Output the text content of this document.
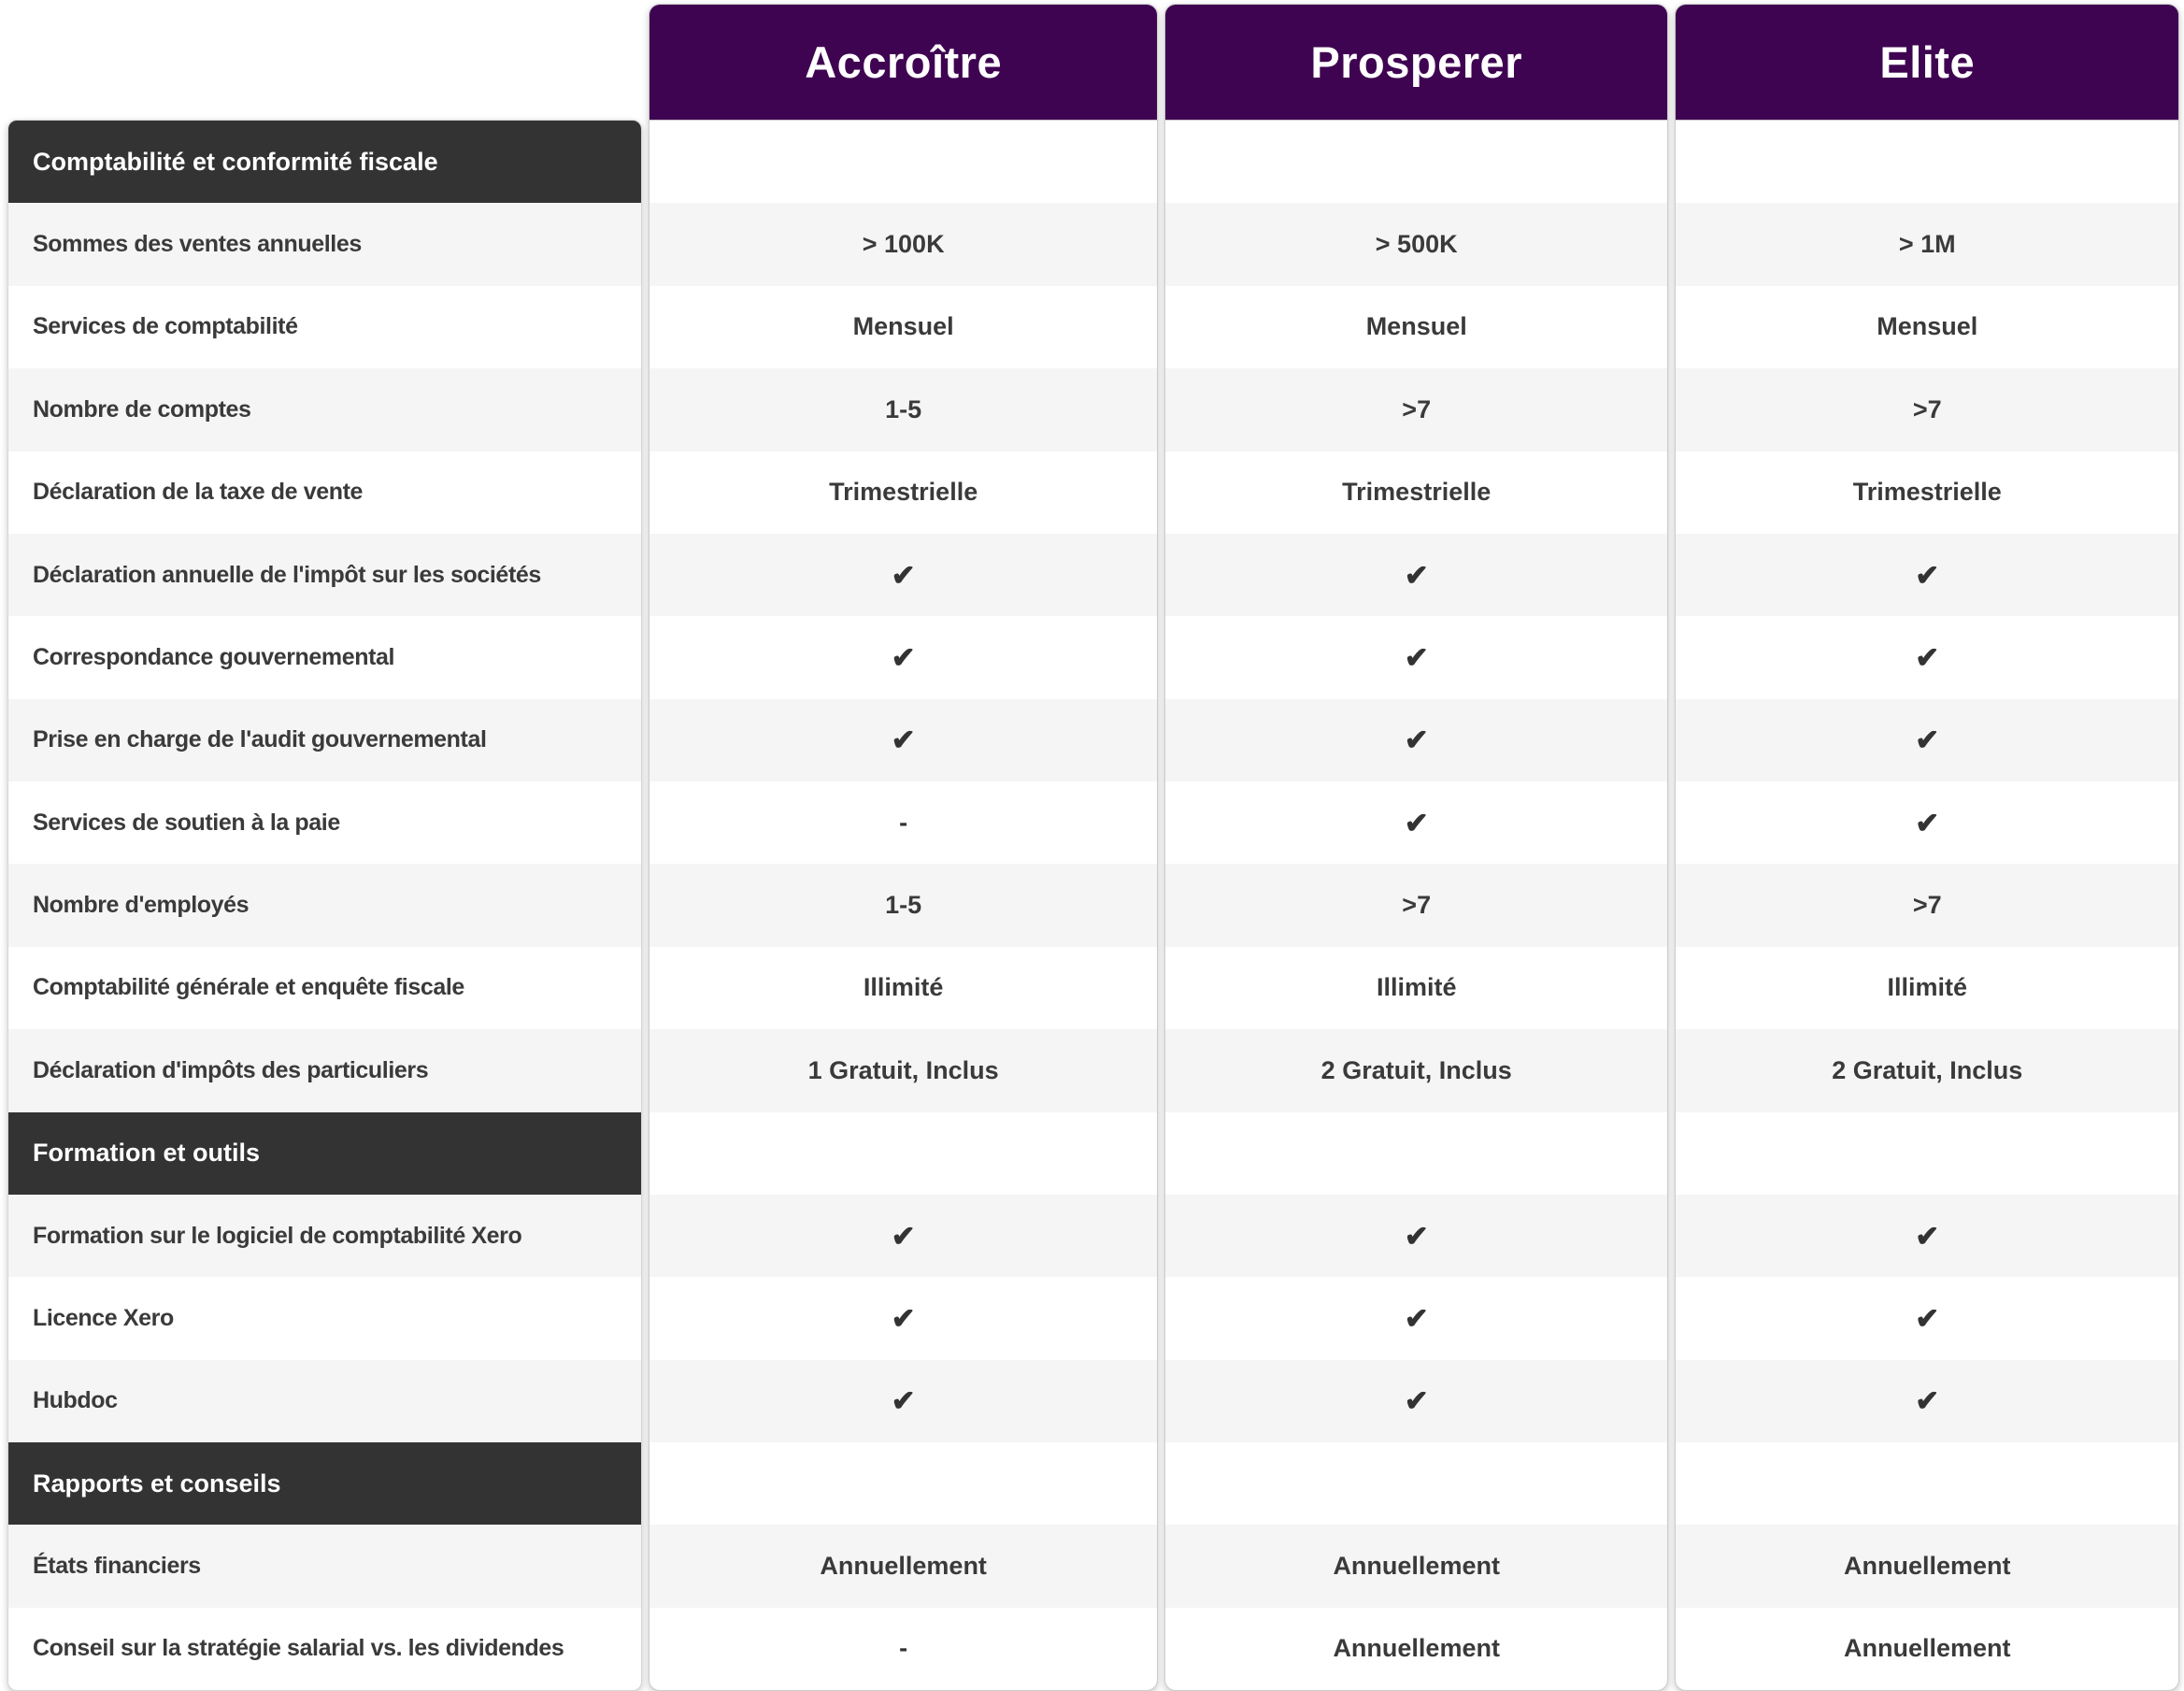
Comptabilité et conformité fiscale
Sommes des ventes annuelles
Services de comptabilité
Nombre de comptes
Déclaration de la taxe de vente
Déclaration annuelle de l'impôt sur les sociétés
Correspondance gouvernemental
Prise en charge de l'audit gouvernemental
Services de soutien à la paie
Nombre d'employés
Comptabilité générale et enquête fiscale
Déclaration d'impôts des particuliers
Formation et outils
Formation sur le logiciel de comptabilité Xero
Licence Xero
Hubdoc
Rapports et conseils
États financiers
Conseil sur la stratégie salarial vs. les dividendes
Accroître
> 100K
Mensuel
1-5
Trimestrielle
✔
✔
✔
-
1-5
Illimité
1 Gratuit, Inclus
✔
✔
✔
Annuellement
-
Prosperer
> 500K
Mensuel
>7
Trimestrielle
✔
✔
✔
✔
>7
Illimité
2 Gratuit, Inclus
✔
✔
✔
Annuellement
Annuellement
Elite
> 1M
Mensuel
>7
Trimestrielle
✔
✔
✔
✔
>7
Illimité
2 Gratuit, Inclus
✔
✔
✔
Annuellement
Annuellement
